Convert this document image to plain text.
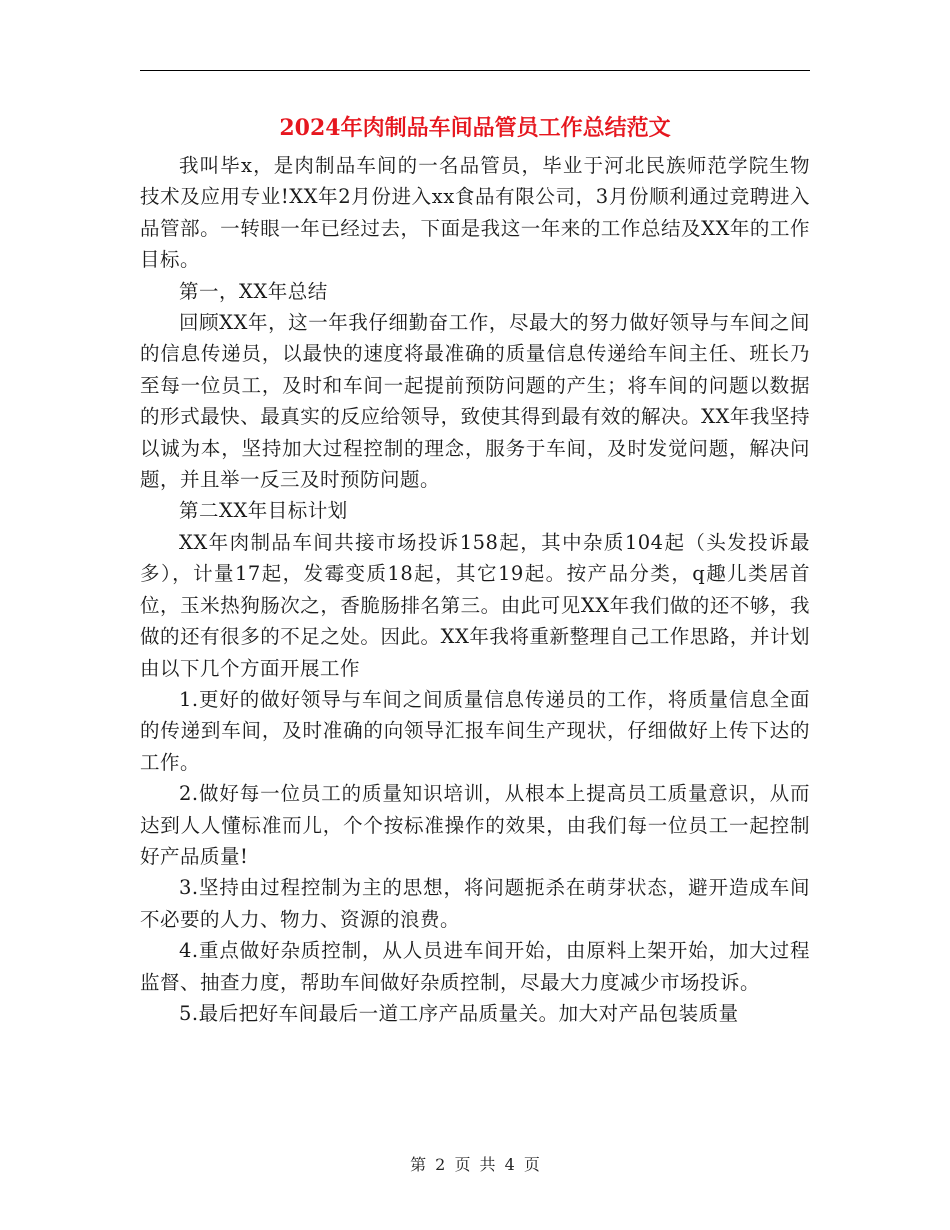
2024年肉制品车间品管员工作总结范文

我叫毕x，是肉制品车间的一名品管员，毕业于河北民族师范学院生物技术及应用专业!XX年2月份进入xx食品有限公司，3月份顺利通过竞聘进入品管部。一转眼一年已经过去，下面是我这一年来的工作总结及XX年的工作目标。

第一，XX年总结

回顾XX年，这一年我仔细勤奋工作，尽最大的努力做好领导与车间之间的信息传递员，以最快的速度将最准确的质量信息传递给车间主任、班长乃至每一位员工，及时和车间一起提前预防问题的产生；将车间的问题以数据的形式最快、最真实的反应给领导，致使其得到最有效的解决。XX年我坚持以诚为本，坚持加大过程控制的理念，服务于车间，及时发觉问题，解决问题，并且举一反三及时预防问题。

第二XX年目标计划

XX年肉制品车间共接市场投诉158起，其中杂质104起（头发投诉最多），计量17起，发霉变质18起，其它19起。按产品分类，q趣儿类居首位，玉米热狗肠次之，香脆肠排名第三。由此可见XX年我们做的还不够，我做的还有很多的不足之处。因此。XX年我将重新整理自己工作思路，并计划由以下几个方面开展工作

1.更好的做好领导与车间之间质量信息传递员的工作，将质量信息全面的传递到车间，及时准确的向领导汇报车间生产现状，仔细做好上传下达的工作。

2.做好每一位员工的质量知识培训，从根本上提高员工质量意识，从而达到人人懂标准而儿，个个按标准操作的效果，由我们每一位员工一起控制好产品质量!

3.坚持由过程控制为主的思想，将问题扼杀在萌芽状态，避开造成车间不必要的人力、物力、资源的浪费。

4.重点做好杂质控制，从人员进车间开始，由原料上架开始，加大过程监督、抽查力度，帮助车间做好杂质控制，尽最大力度减少市场投诉。

5.最后把好车间最后一道工序产品质量关。加大对产品包装质量

第 2 页 共 4 页
